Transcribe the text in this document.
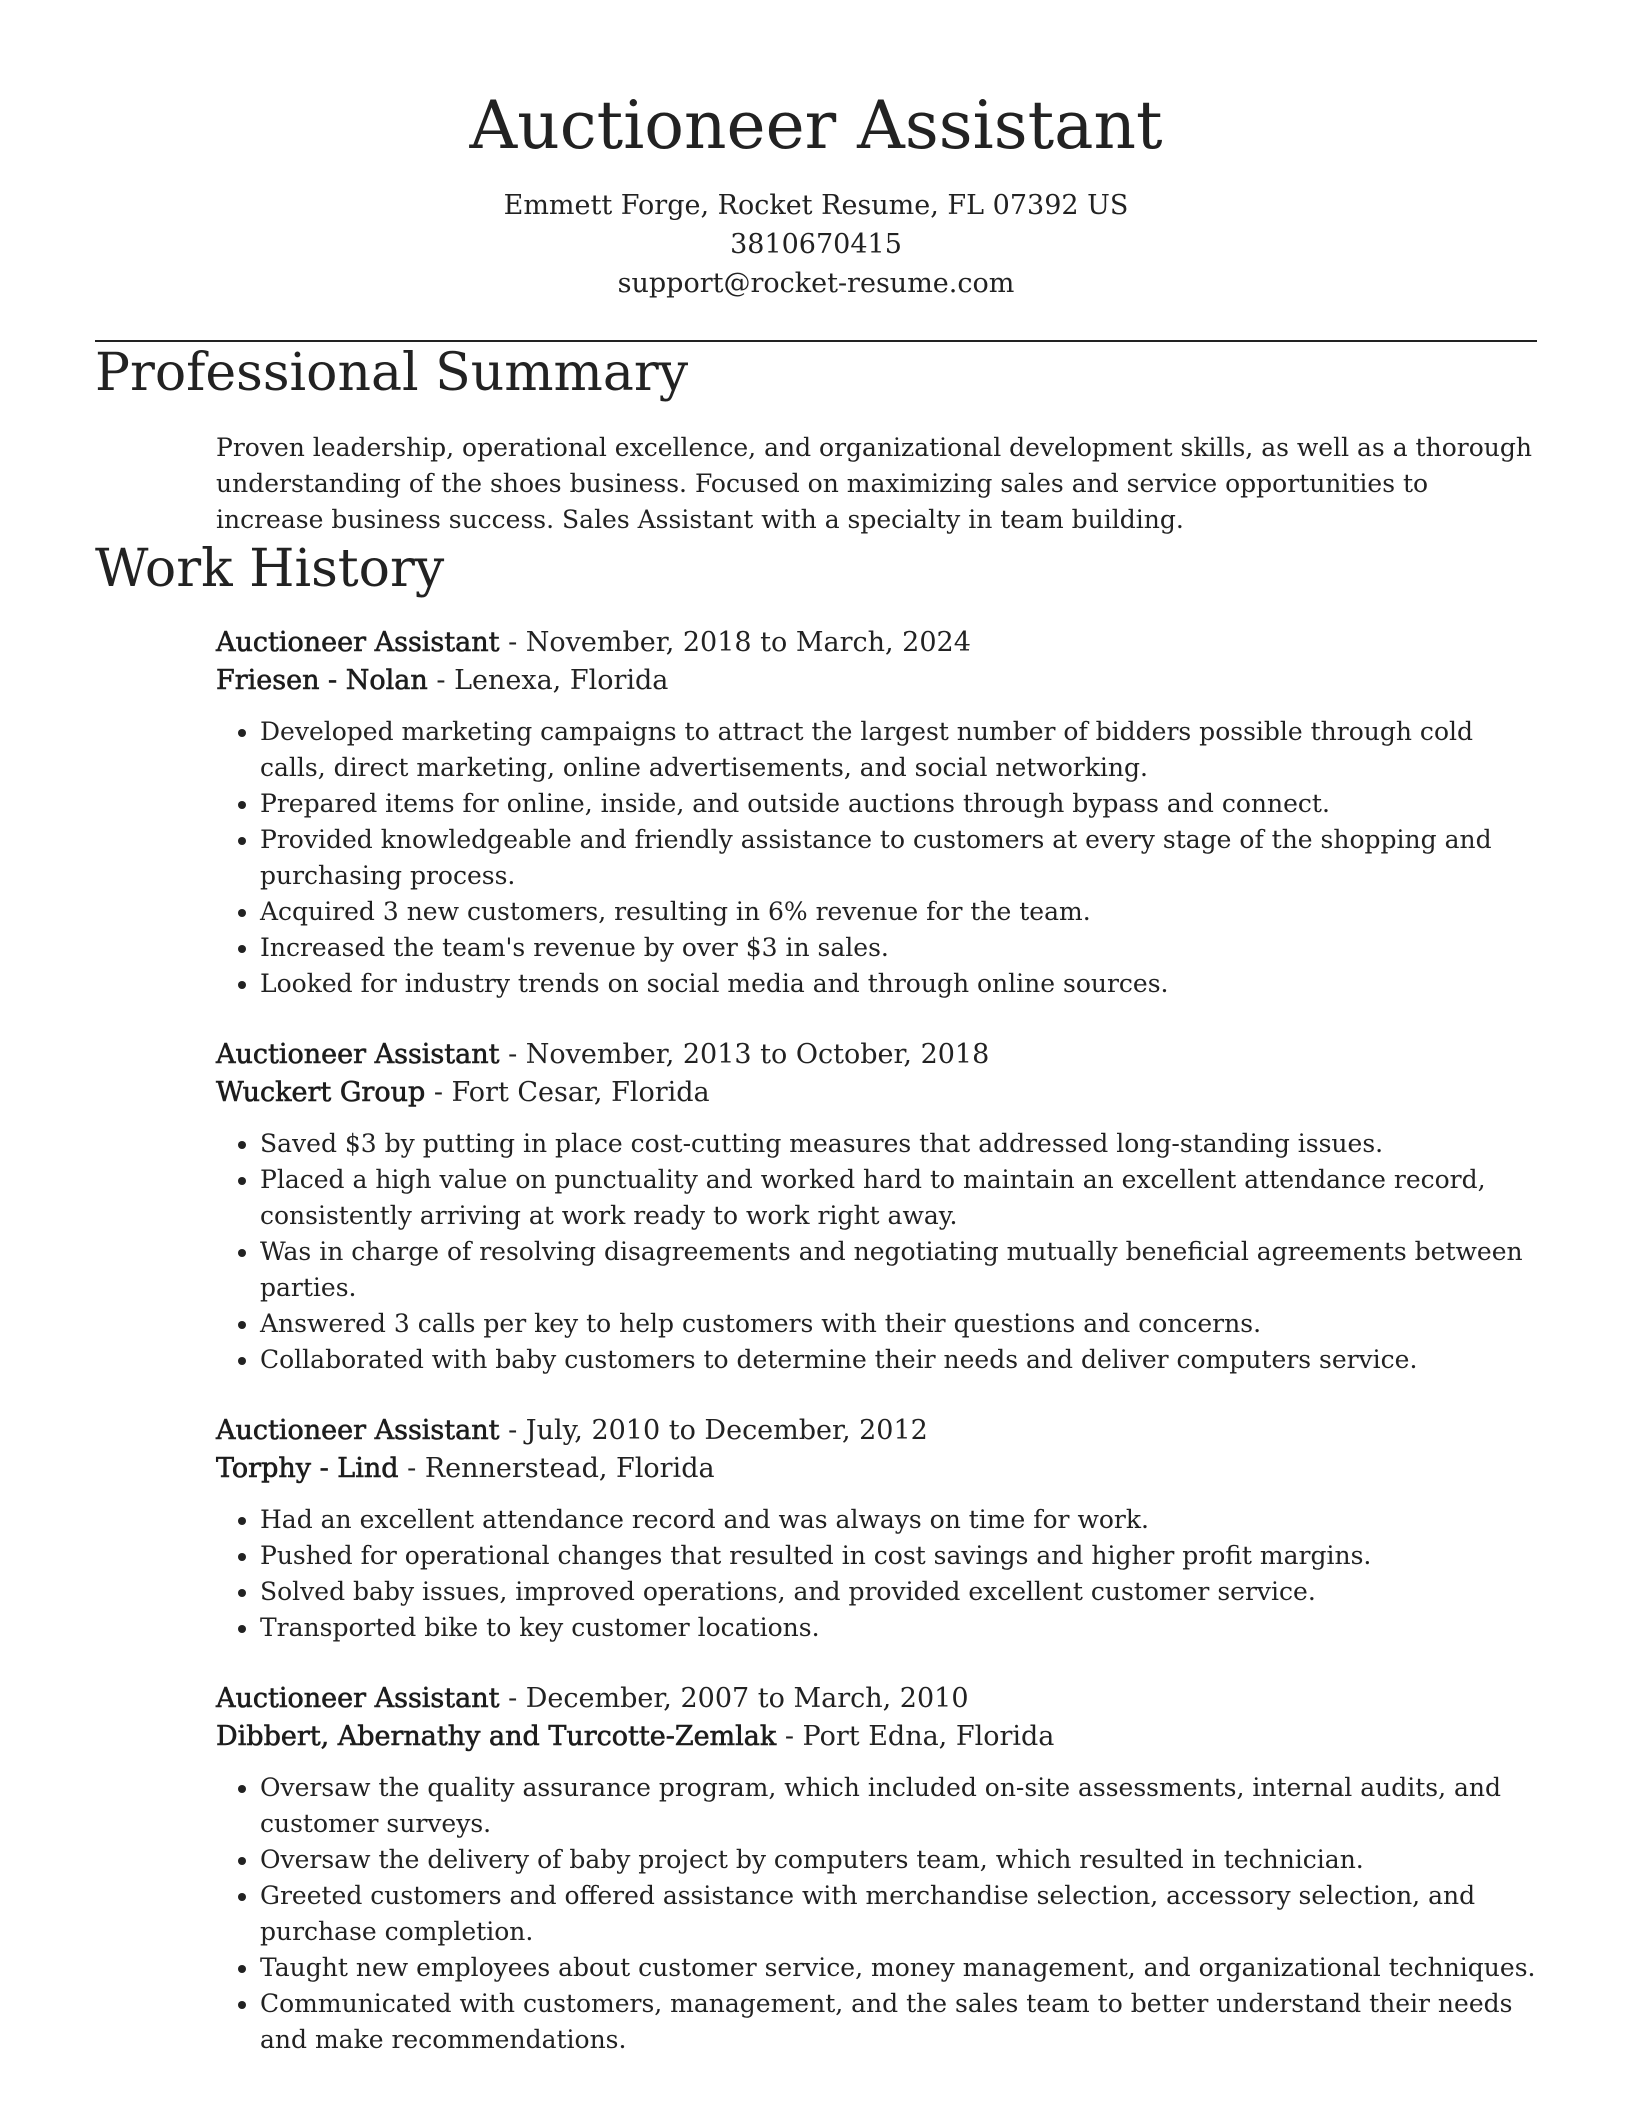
Auctioneer Assistant
Emmett Forge, Rocket Resume, FL 07392 US
3810670415
support@rocket-resume.com
Professional Summary

Proven leadership, operational excellence, and organizational development skills, as well as a thorough understanding of the shoes business. Focused on maximizing sales and service opportunities to increase business success. Sales Assistant with a specialty in team building.

Work History
Auctioneer Assistant - November, 2018 to March, 2024
Friesen - Nolan - Lenexa, Florida
• Developed marketing campaigns to attract the largest number of bidders possible through cold calls, direct marketing, online advertisements, and social networking.
• Prepared items for online, inside, and outside auctions through bypass and connect.
• Provided knowledgeable and friendly assistance to customers at every stage of the shopping and purchasing process.
• Acquired 3 new customers, resulting in 6% revenue for the team.
• Increased the team's revenue by over $3 in sales.
• Looked for industry trends on social media and through online sources.
Auctioneer Assistant - November, 2013 to October, 2018
Wuckert Group - Fort Cesar, Florida
• Saved $3 by putting in place cost-cutting measures that addressed long-standing issues.
• Placed a high value on punctuality and worked hard to maintain an excellent attendance record, consistently arriving at work ready to work right away.
• Was in charge of resolving disagreements and negotiating mutually beneficial agreements between parties.
• Answered 3 calls per key to help customers with their questions and concerns.
• Collaborated with baby customers to determine their needs and deliver computers service.
Auctioneer Assistant - July, 2010 to December, 2012
Torphy - Lind - Rennerstead, Florida
• Had an excellent attendance record and was always on time for work.
• Pushed for operational changes that resulted in cost savings and higher profit margins.
• Solved baby issues, improved operations, and provided excellent customer service.
• Transported bike to key customer locations.
Auctioneer Assistant - December, 2007 to March, 2010
Dibbert, Abernathy and Turcotte-Zemlak - Port Edna, Florida
• Oversaw the quality assurance program, which included on-site assessments, internal audits, and customer surveys.
• Oversaw the delivery of baby project by computers team, which resulted in technician.
• Greeted customers and offered assistance with merchandise selection, accessory selection, and purchase completion.
• Taught new employees about customer service, money management, and organizational techniques.
• Communicated with customers, management, and the sales team to better understand their needs and make recommendations.
